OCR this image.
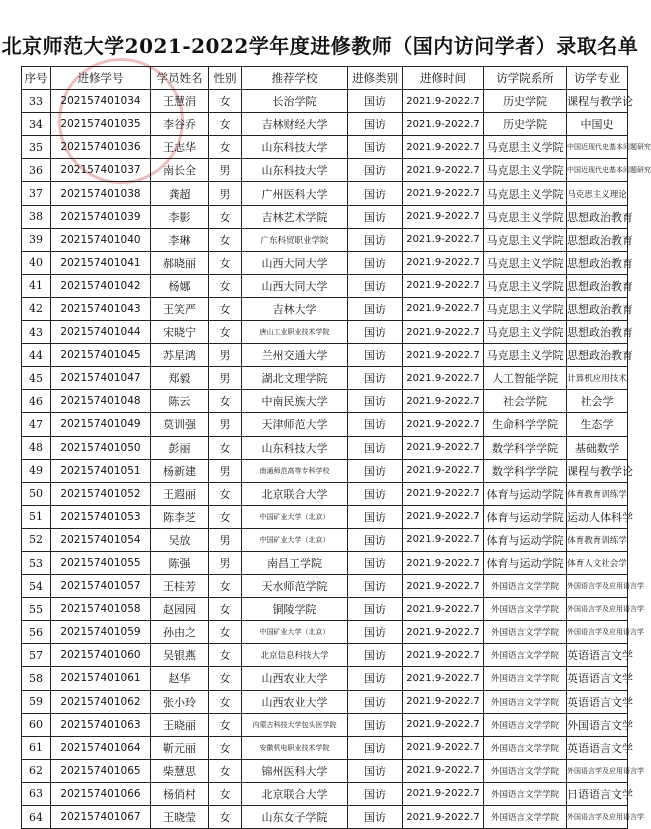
北京师范大学2021-2022学年度进修教师（国内访问学者）录取名单
序号	进修学号	学员姓名	性别	推荐学校	进修类别	进修时间	访学院系所	访学专业
33	202157401034	王慧涓	女	长治学院	国访	2021.9-2022.7	历史学院	课程与教学论
34	202157401035	李谷乔	女	吉林财经大学	国访	2021.9-2022.7	历史学院	中国史
35	202157401036	王志华	女	山东科技大学	国访	2021.9-2022.7	马克思主义学院	中国近现代史基本问题研究
36	202157401037	南长全	男	山东科技大学	国访	2021.9-2022.7	马克思主义学院	中国近现代史基本问题研究
37	202157401038	龚超	男	广州医科大学	国访	2021.9-2022.7	马克思主义学院	马克思主义理论
38	202157401039	李影	女	吉林艺术学院	国访	2021.9-2022.7	马克思主义学院	思想政治教育
39	202157401040	李琳	女	广东科贸职业学院	国访	2021.9-2022.7	马克思主义学院	思想政治教育
40	202157401041	郝晓丽	女	山西大同大学	国访	2021.9-2022.7	马克思主义学院	思想政治教育
41	202157401042	杨娜	女	山西大同大学	国访	2021.9-2022.7	马克思主义学院	思想政治教育
42	202157401043	王笑严	女	吉林大学	国访	2021.9-2022.7	马克思主义学院	思想政治教育
43	202157401044	宋晓宁	女	唐山工业职业技术学院	国访	2021.9-2022.7	马克思主义学院	思想政治教育
44	202157401045	苏星鸿	男	兰州交通大学	国访	2021.9-2022.7	马克思主义学院	思想政治教育
45	202157401047	郑毅	男	湖北文理学院	国访	2021.9-2022.7	人工智能学院	计算机应用技术
46	202157401048	陈云	女	中南民族大学	国访	2021.9-2022.7	社会学院	社会学
47	202157401049	莫训强	男	天津师范大学	国访	2021.9-2022.7	生命科学学院	生态学
48	202157401050	彭丽	女	山东科技大学	国访	2021.9-2022.7	数学科学学院	基础数学
49	202157401051	杨新建	男	南通师范高等专科学校	国访	2021.9-2022.7	数学科学学院	课程与教学论
50	202157401052	王遐丽	女	北京联合大学	国访	2021.9-2022.7	体育与运动学院	体育教育训练学
51	202157401053	陈李芝	女	中国矿业大学（北京）	国访	2021.9-2022.7	体育与运动学院	运动人体科学
52	202157401054	吴放	男	中国矿业大学（北京）	国访	2021.9-2022.7	体育与运动学院	体育教育训练学
53	202157401055	陈强	男	南昌工学院	国访	2021.9-2022.7	体育与运动学院	体育人文社会学
54	202157401057	王桂芳	女	天水师范学院	国访	2021.9-2022.7	外国语言文学学院	外国语言学及应用语言学
55	202157401058	赵园园	女	铜陵学院	国访	2021.9-2022.7	外国语言文学学院	外国语言学及应用语言学
56	202157401059	孙由之	女	中国矿业大学（北京）	国访	2021.9-2022.7	外国语言文学学院	外国语言学及应用语言学
57	202157401060	吴银燕	女	北京信息科技大学	国访	2021.9-2022.7	外国语言文学学院	英语语言文学
58	202157401061	赵华	女	山西农业大学	国访	2021.9-2022.7	外国语言文学学院	英语语言文学
59	202157401062	张小玲	女	山西农业大学	国访	2021.9-2022.7	外国语言文学学院	英语语言文学
60	202157401063	王晓丽	女	内蒙古科技大学包头医学院	国访	2021.9-2022.7	外国语言文学学院	外国语言文学
61	202157401064	靳元丽	女	安徽机电职业技术学院	国访	2021.9-2022.7	外国语言文学学院	英语语言文学
62	202157401065	柴慧思	女	锦州医科大学	国访	2021.9-2022.7	外国语言文学学院	外国语言学及应用语言学
63	202157401066	杨俏村	女	北京联合大学	国访	2021.9-2022.7	外国语言文学学院	日语语言文学
64	202157401067	王晓莹	女	山东女子学院	国访	2021.9-2022.7	外国语言文学学院	外国语言学及应用语言学
